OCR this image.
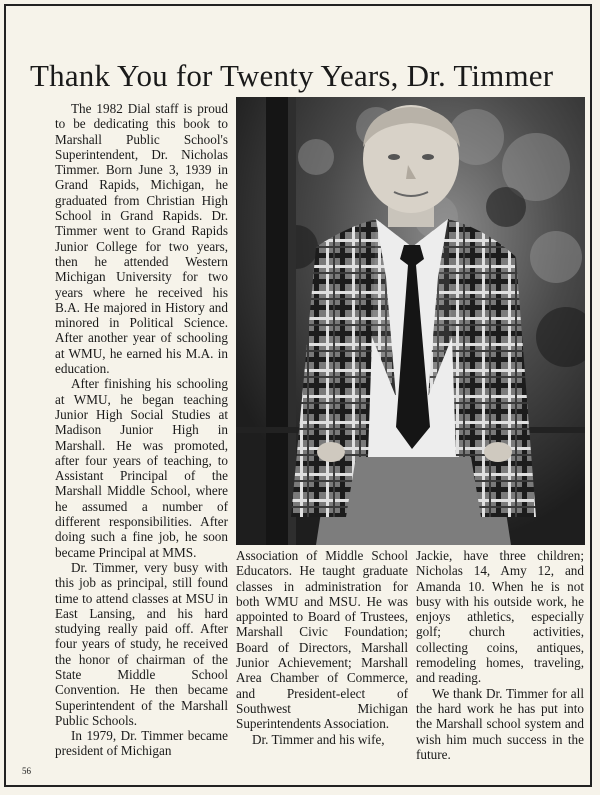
Thank You for Twenty Years, Dr. Timmer

The 1982 Dial staff is proud to be dedicating this book to Marshall Public School's Superintendent, Dr. Nicholas Timmer. Born June 3, 1939 in Grand Rapids, Michigan, he graduated from Christian High School in Grand Rapids. Dr. Timmer went to Grand Rapids Junior College for two years, then he attended Western Michigan University for two years where he received his B.A. He majored in History and minored in Political Science. After another year of schooling at WMU, he earned his M.A. in education.

After finishing his schooling at WMU, he began teaching Junior High Social Studies at Madison Junior High in Marshall. He was promoted, after four years of teaching, to Assistant Principal of the Marshall Middle School, where he assumed a number of different responsibilities. After doing such a fine job, he soon became Principal at MMS.

Dr. Timmer, very busy with this job as principal, still found time to attend classes at MSU in East Lansing, and his hard studying really paid off. After four years of study, he received the honor of chairman of the State Middle School Convention. He then became Superintendent of the Marshall Public Schools.

In 1979, Dr. Timmer became president of Michigan

Association of Middle School Educators. He taught graduate classes in administration for both WMU and MSU. He was appointed to Board of Trustees, Marshall Civic Foundation; Board of Directors, Marshall Junior Achievement; Marshall Area Chamber of Commerce, and President-elect of Southwest Michigan Superintendents Association.

Dr. Timmer and his wife,

Jackie, have three children; Nicholas 14, Amy 12, and Amanda 10. When he is not busy with his outside work, he enjoys athletics, especially golf; church activities, collecting coins, antiques, remodeling homes, traveling, and reading.

We thank Dr. Timmer for all the hard work he has put into the Marshall school system and wish him much success in the future.

56
